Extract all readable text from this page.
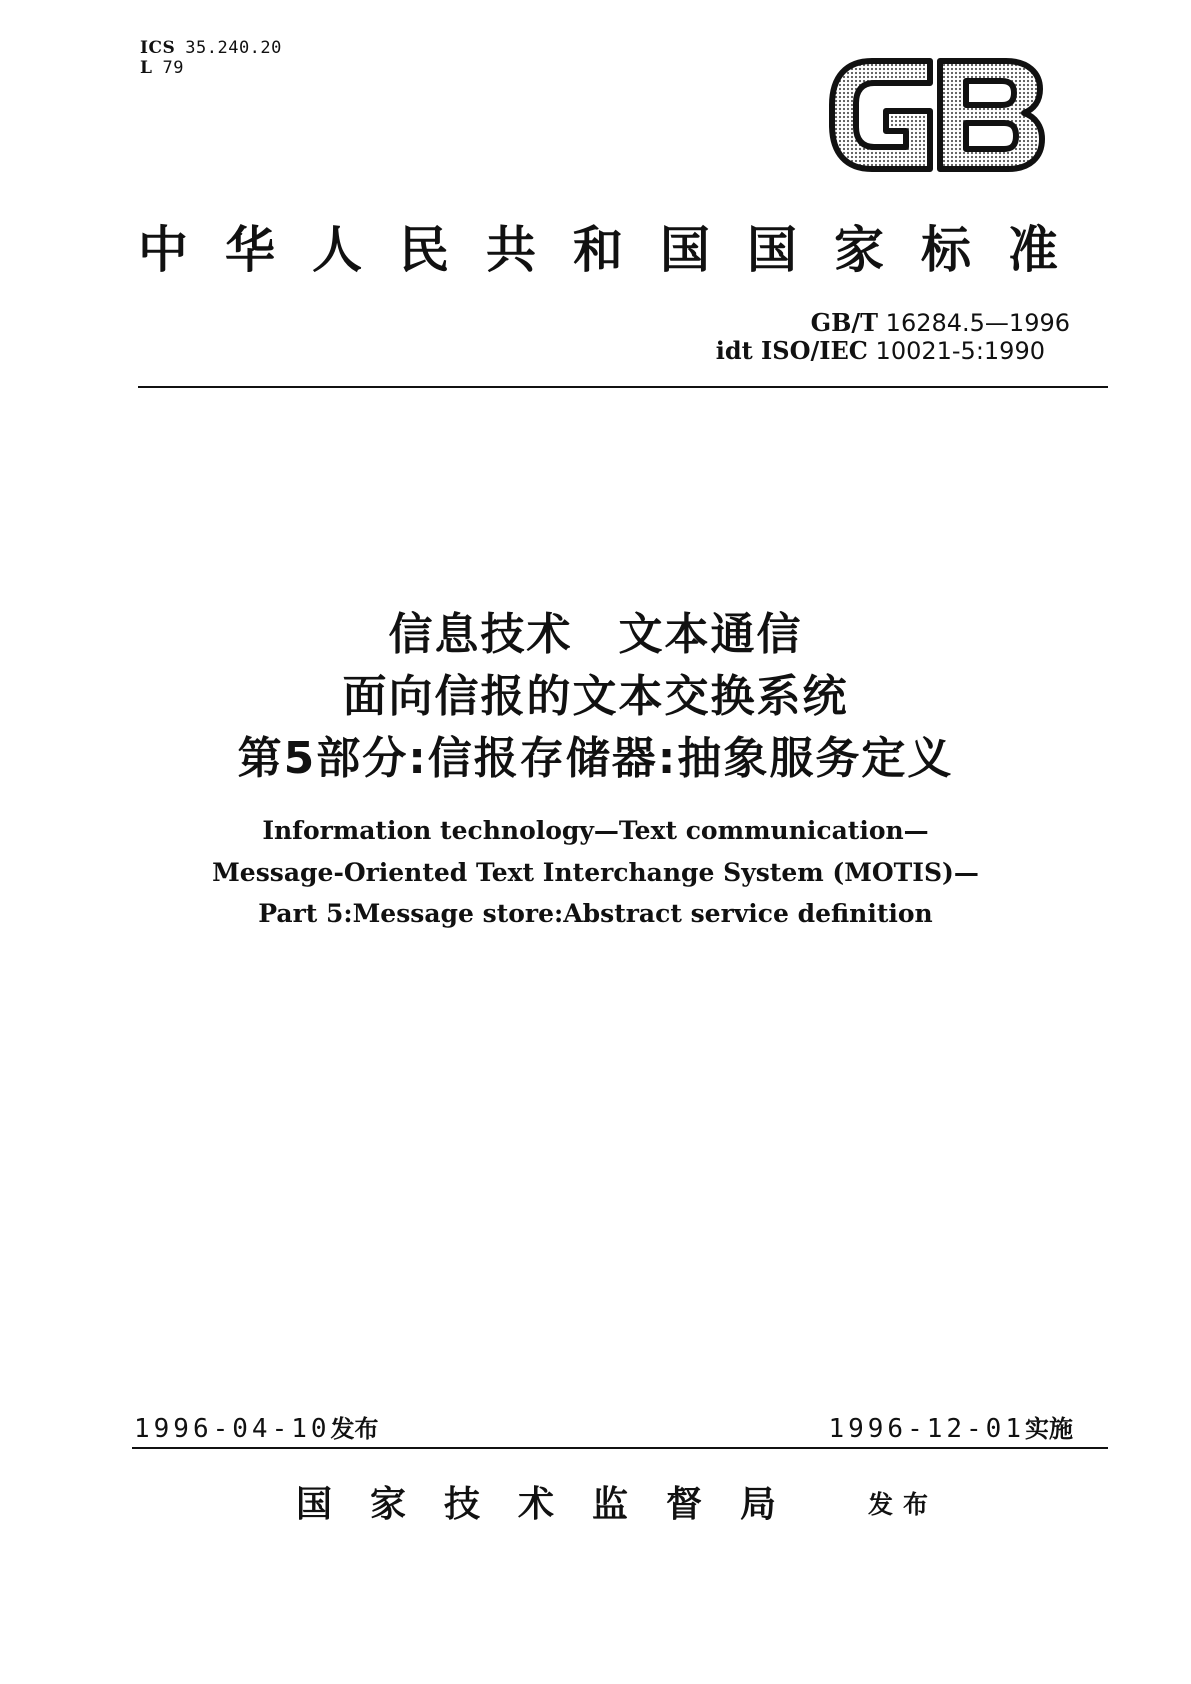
ICS 35.240.20
L 79
中华人民共和国国家标准
GB/T 16284.5—1996
idt ISO/IEC 10021-5:1990
信息技术　文本通信
面向信报的文本交换系统
第5部分:信报存储器:抽象服务定义
Information technology—Text communication—
Message-Oriented Text Interchange System (MOTIS)—
Part 5:Message store:Abstract service definition
1996-04-10发布	1996-12-01实施
国家技术监督局 发布
